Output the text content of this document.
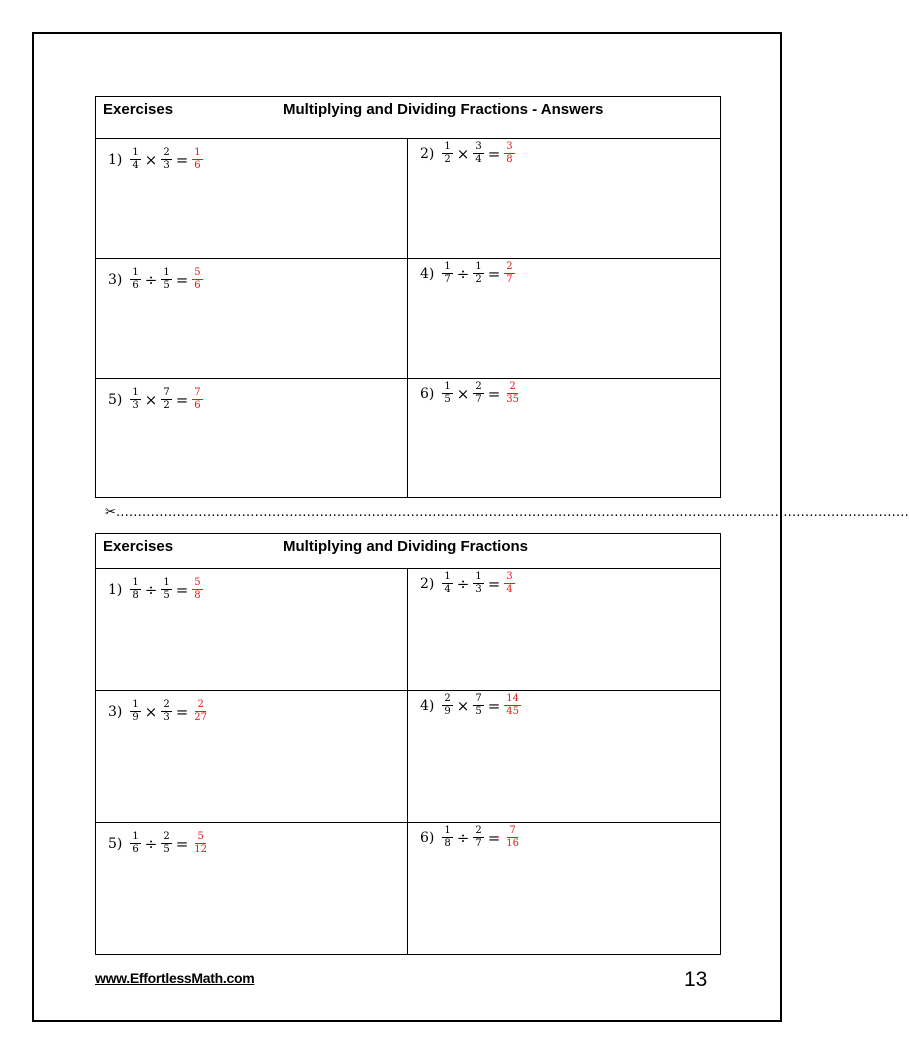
Exercises	Multiplying and Dividing Fractions - Answers
$1) \frac{1}{4} \times \frac{2}{3} = \frac{1}{6}$	$2) \frac{1}{2} \times \frac{3}{4} = \frac{3}{8}$
$3) \frac{1}{6} \div \frac{1}{5} = \frac{5}{6}$	$4) \frac{1}{7} \div \frac{1}{2} = \frac{2}{7}$
$5) \frac{1}{3} \times \frac{7}{2} = \frac{7}{6}$	$6) \frac{1}{5} \times \frac{2}{7} = \frac{2}{35}$
✂…………………………………………………………………………………………………………………………………………………………………
Exercises	Multiplying and Dividing Fractions
$1) \frac{1}{8} \div \frac{1}{5} = \frac{5}{8}$	$2) \frac{1}{4} \div \frac{1}{3} = \frac{3}{4}$
$3) \frac{1}{9} \times \frac{2}{3} = \frac{2}{27}$	$4) \frac{2}{9} \times \frac{7}{5} = \frac{14}{45}$
$5) \frac{1}{6} \div \frac{2}{5} = \frac{5}{12}$	$6) \frac{1}{8} \div \frac{2}{7} = \frac{7}{16}$
www.EffortlessMath.com	13
